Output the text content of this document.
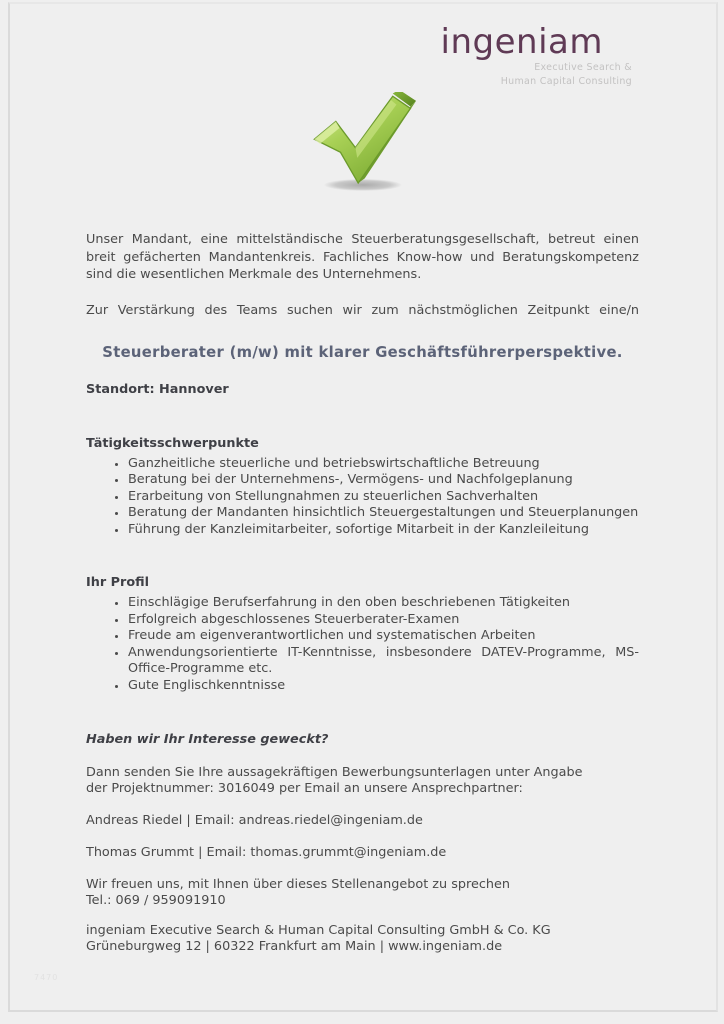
ingeniam
Executive Search &
Human Capital Consulting

Unser Mandant, eine mittelständische Steuerberatungsgesellschaft, betreut einen breit gefächerten Mandantenkreis. Fachliches Know-how und Beratungskompetenz sind die wesentlichen Merkmale des Unternehmens.

Zur Verstärkung des Teams suchen wir zum nächstmöglichen Zeitpunkt eine/n

Steuerberater (m/w) mit klarer Geschäftsführerperspektive.
Standort: Hannover

Tätigkeitsschwerpunkte

• Ganzheitliche steuerliche und betriebswirtschaftliche Betreuung
• Beratung bei der Unternehmens-, Vermögens- und Nachfolgeplanung
• Erarbeitung von Stellungnahmen zu steuerlichen Sachverhalten
• Beratung der Mandanten hinsichtlich Steuergestaltungen und Steuerplanungen
• Führung der Kanzleimitarbeiter, sofortige Mitarbeit in der Kanzleileitung

Ihr Profil

• Einschlägige Berufserfahrung in den oben beschriebenen Tätigkeiten
• Erfolgreich abgeschlossenes Steuerberater-Examen
• Freude am eigenverantwortlichen und systematischen Arbeiten
• Anwendungsorientierte IT-Kenntnisse, insbesondere DATEV-Programme, MS-Office-Programme etc.
• Gute Englischkenntnisse
Haben wir Ihr Interesse geweckt?

Dann senden Sie Ihre aussagekräftigen Bewerbungsunterlagen unter Angabe der Projektnummer: 3016049 per Email an unsere Ansprechpartner:

Andreas Riedel | Email: andreas.riedel@ingeniam.de
Thomas Grummt | Email: thomas.grummt@ingeniam.de
Wir freuen uns, mit Ihnen über dieses Stellenangebot zu sprechen
Tel.: 069 / 959091910
ingeniam Executive Search & Human Capital Consulting GmbH & Co. KG
Grüneburgweg 12 | 60322 Frankfurt am Main | www.ingeniam.de
7470
